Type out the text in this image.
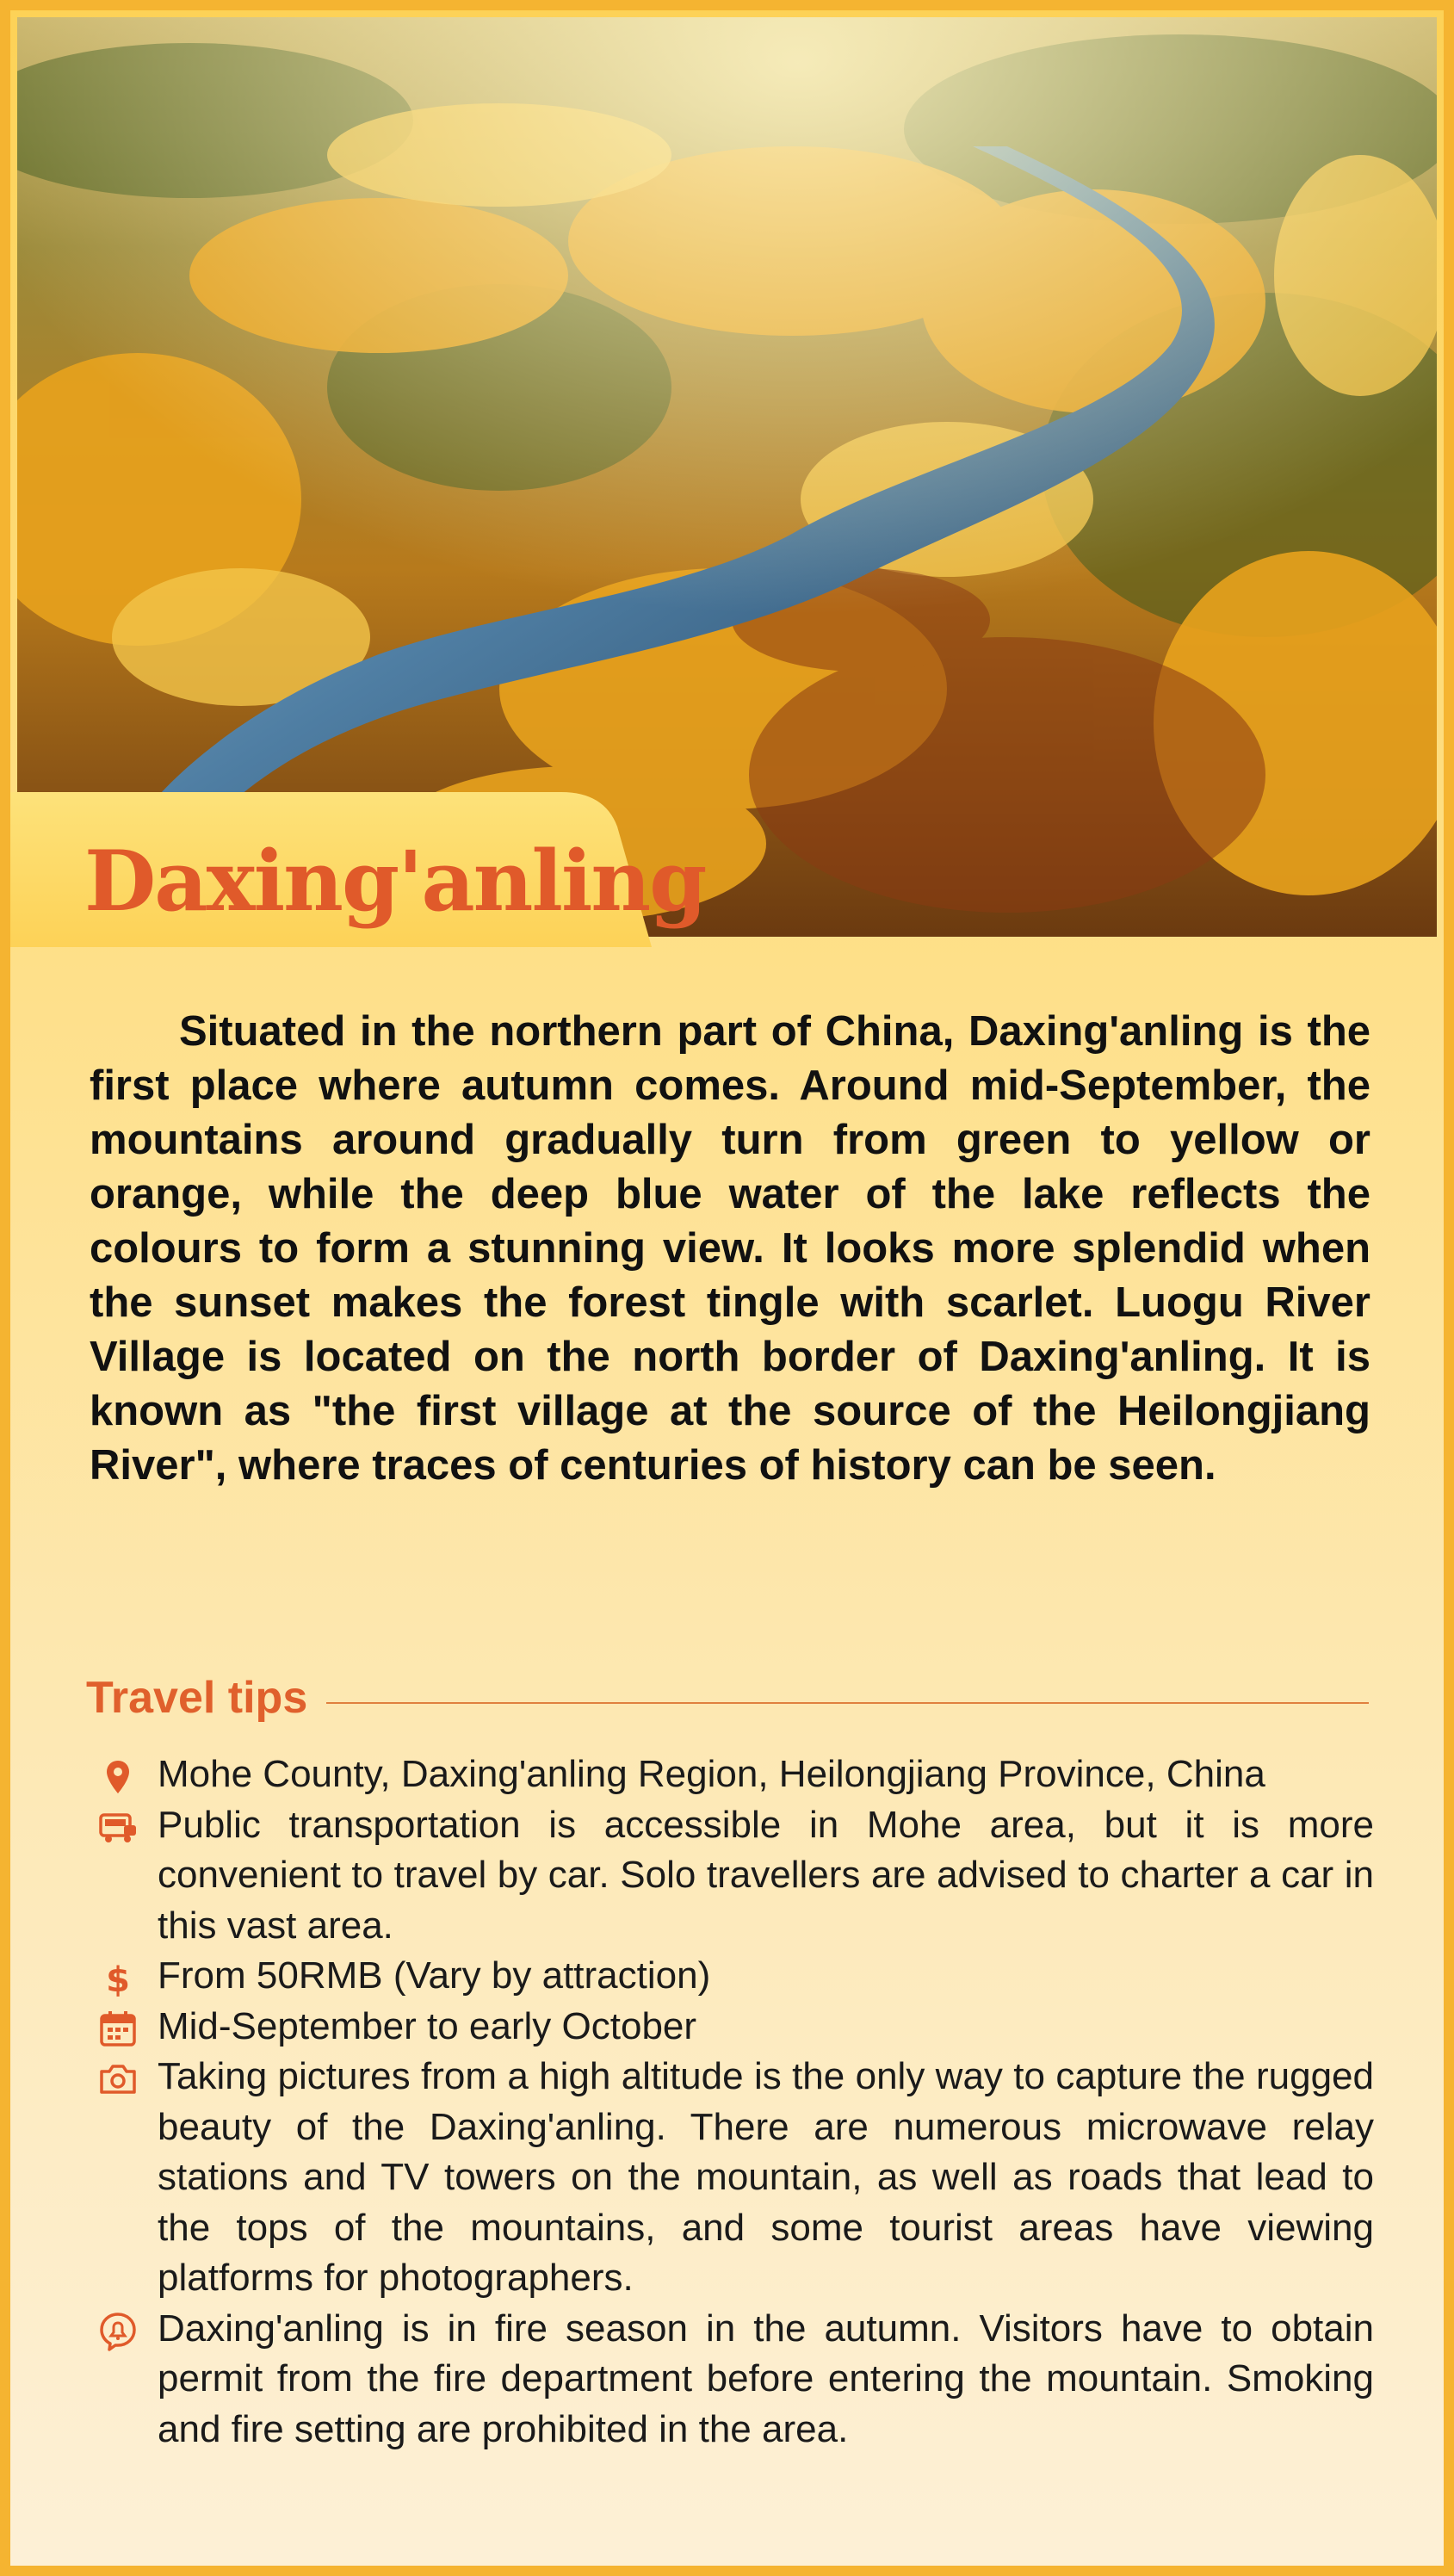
Daxing'anling

Situated in the northern part of China, Daxing'anling is the first place where autumn comes. Around mid-September, the mountains around gradually turn from green to yellow or orange, while the deep blue water of the lake reflects the colours to form a stunning view. It looks more splendid when the sunset makes the forest tingle with scarlet. Luogu River Village is located on the north border of Daxing'anling. It is known as "the first village at the source of the Heilongjiang River", where traces of centuries of history can be seen.

Travel tips
Mohe County, Daxing'anling Region, Heilongjiang Province, China
Public transportation is accessible in Mohe area, but it is more convenient to travel by car. Solo travellers are advised to charter a car in this vast area.
$ From 50RMB (Vary by attraction)
Mid-September to early October
Taking pictures from a high altitude is the only way to capture the rugged beauty of the Daxing'anling. There are numerous microwave relay stations and TV towers on the mountain, as well as roads that lead to the tops of the mountains, and some tourist areas have viewing platforms for photographers.
Daxing'anling is in fire season in the autumn. Visitors have to obtain permit from the fire department before entering the mountain. Smoking and fire setting are prohibited in the area.
